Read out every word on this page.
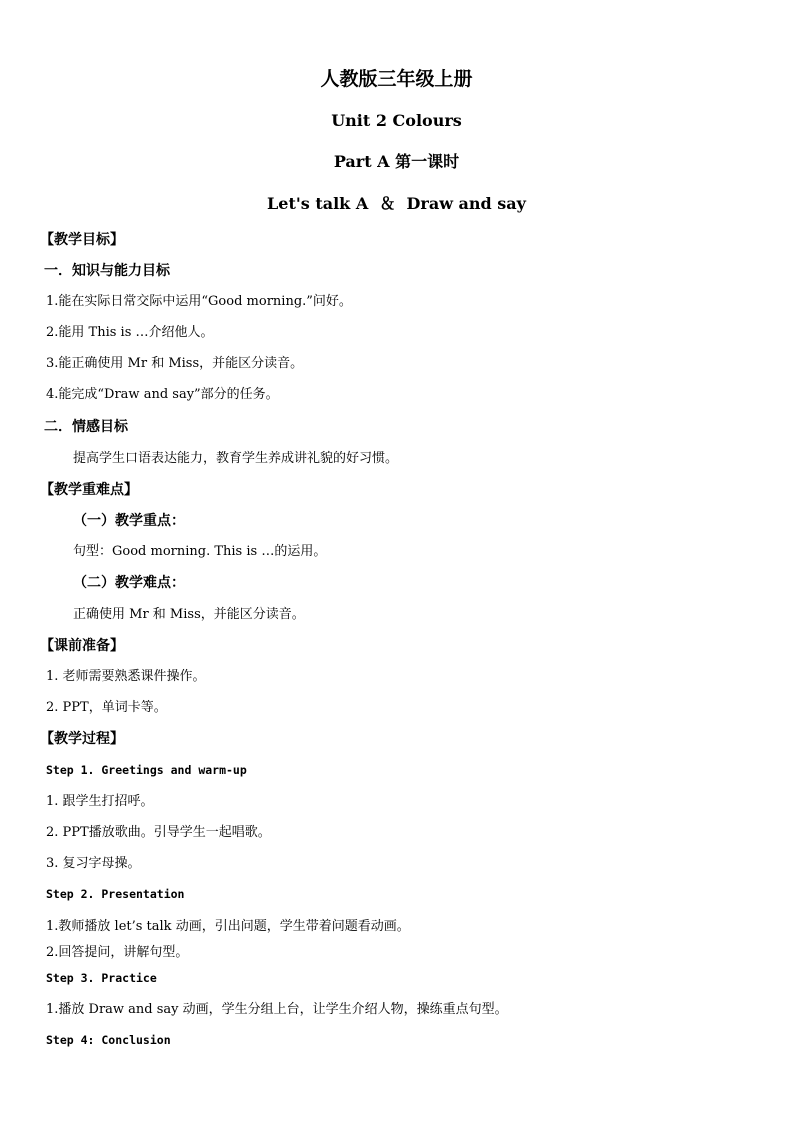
人教版三年级上册
Unit 2 Colours
Part A 第一课时
Let's talk A  ＆  Draw and say
【教学目标】
一．知识与能力目标
1.能在实际日常交际中运用“Good morning.”问好。
2.能用 This is …介绍他人。
3.能正确使用 Mr 和 Miss，并能区分读音。
4.能完成“Draw and say”部分的任务。
二．情感目标
提高学生口语表达能力，教育学生养成讲礼貌的好习惯。
【教学重难点】
（一）教学重点：
句型：Good morning. This is …的运用。
（二）教学难点：
正确使用 Mr 和 Miss，并能区分读音。
【课前准备】
1. 老师需要熟悉课件操作。
2. PPT，单词卡等。
【教学过程】
Step 1. Greetings and warm-up
1. 跟学生打招呼。
2. PPT播放歌曲。引导学生一起唱歌。
3. 复习字母操。
Step 2. Presentation
1.教师播放 let’s talk 动画，引出问题，学生带着问题看动画。
2.回答提问，讲解句型。
Step 3. Practice
1.播放 Draw and say 动画，学生分组上台，让学生介绍人物，操练重点句型。
Step 4: Conclusion
